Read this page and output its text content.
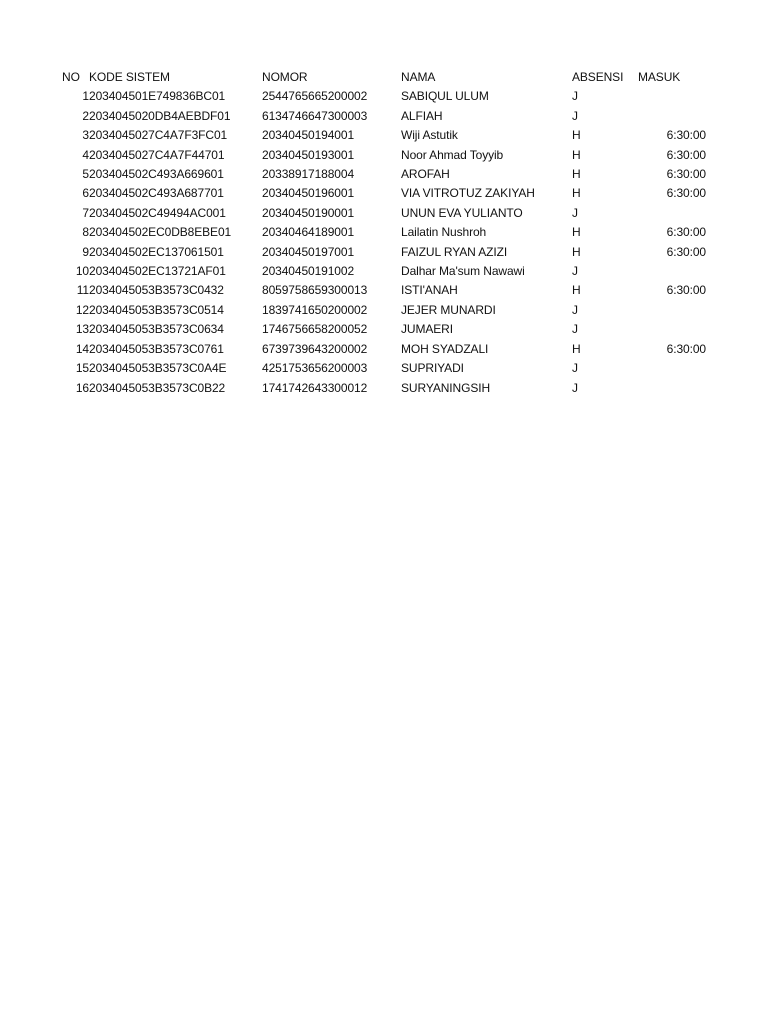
NO	KODE SISTEM	NOMOR	NAMA	ABSENSI	MASUK
1	203404501E749836BC01	2544765665200002	SABIQUL ULUM	J	
2	2034045020DB4AEBDF01	6134746647300003	ALFIAH	J	
3	2034045027C4A7F3FC01	20340450194001	Wiji Astutik	H	6:30:00
4	2034045027C4A7F44701	20340450193001	Noor Ahmad Toyyib	H	6:30:00
5	203404502C493A669601	20338917188004	AROFAH	H	6:30:00
6	203404502C493A687701	20340450196001	VIA VITROTUZ ZAKIYAH	H	6:30:00
7	203404502C49494AC001	20340450190001	UNUN EVA YULIANTO	J	
8	203404502EC0DB8EBE01	20340464189001	Lailatin Nushroh	H	6:30:00
9	203404502EC137061501	20340450197001	FAIZUL RYAN AZIZI	H	6:30:00
10	203404502EC13721AF01	20340450191002	Dalhar Ma'sum Nawawi	J	
11	2034045053B3573C0432	8059758659300013	ISTI'ANAH	H	6:30:00
12	2034045053B3573C0514	1839741650200002	JEJER MUNARDI	J	
13	2034045053B3573C0634	1746756658200052	JUMAERI	J	
14	2034045053B3573C0761	6739739643200002	MOH SYADZALI	H	6:30:00
15	2034045053B3573C0A4E	4251753656200003	SUPRIYADI	J	
16	2034045053B3573C0B22	1741742643300012	SURYANINGSIH	J	
